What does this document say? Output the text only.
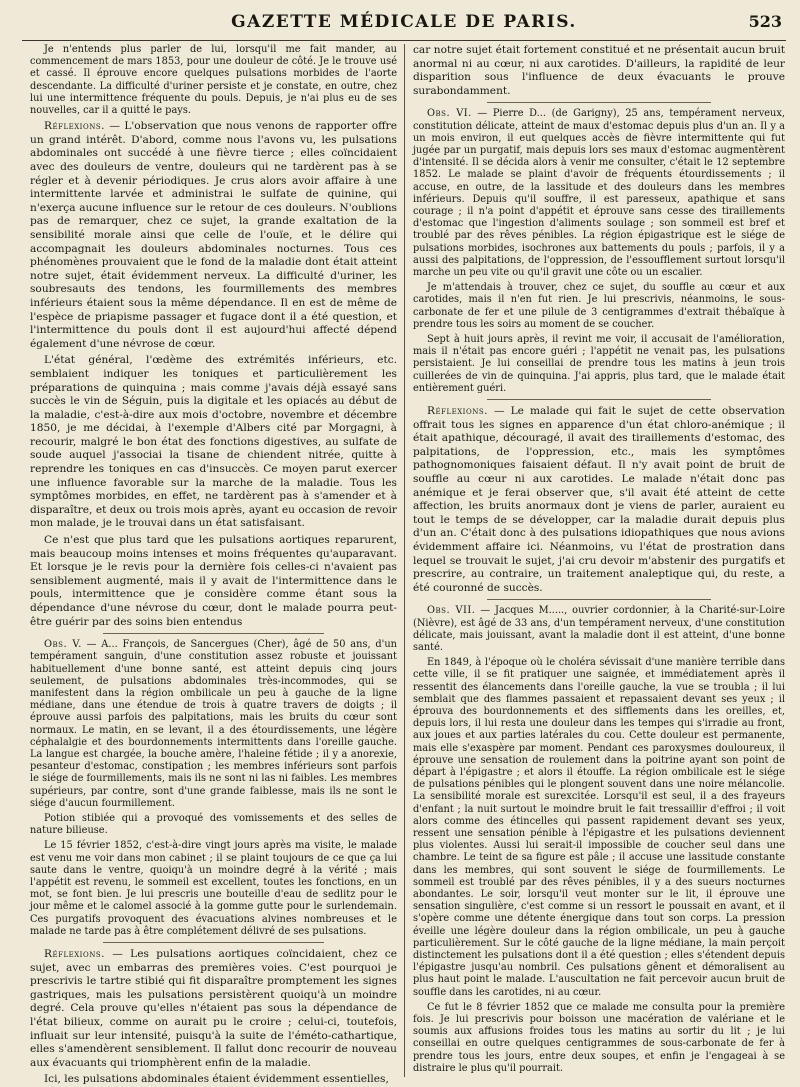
GAZETTE MÉDICALE DE PARIS.	523

Je n'entends plus parler de lui, lorsqu'il me fait mander, au commencement de mars 1853, pour une douleur de côté. Je le trouve usé et cassé. Il éprouve encore quelques pulsations morbides de l'aorte descendante. La difficulté d'uriner persiste et je constate, en outre, chez lui une intermittence fréquente du pouls. Depuis, je n'ai plus eu de ses nouvelles, car il a quitté le pays.

Réflexions. — L'observation que nous venons de rapporter offre un grand intérêt. D'abord, comme nous l'avons vu, les pulsations abdominales ont succédé à une fièvre tierce ; elles coïncidaient avec des douleurs de ventre, douleurs qui ne tardèrent pas à se régler et à devenir périodiques. Je crus alors avoir affaire à une intermittente larvée et administrai le sulfate de quinine, qui n'exerça aucune influence sur le retour de ces douleurs. N'oublions pas de remarquer, chez ce sujet, la grande exaltation de la sensibilité morale ainsi que celle de l'ouïe, et le délire qui accompagnait les douleurs abdominales nocturnes. Tous ces phénomènes prouvaient que le fond de la maladie dont était atteint notre sujet, était évidemment nerveux. La difficulté d'uriner, les soubresauts des tendons, les fourmillements des membres inférieurs étaient sous la même dépendance. Il en est de même de l'espèce de priapisme passager et fugace dont il a été question, et l'intermittence du pouls dont il est aujourd'hui affecté dépend également d'une névrose de cœur.

L'état général, l'œdème des extrémités inférieurs, etc. semblaient indiquer les toniques et particulièrement les préparations de quinquina ; mais comme j'avais déjà essayé sans succès le vin de Séguin, puis la digitale et les opiacés au début de la maladie, c'est-à-dire aux mois d'octobre, novembre et décembre 1850, je me décidai, à l'exemple d'Albers cité par Morgagni, à recourir, malgré le bon état des fonctions digestives, au sulfate de soude auquel j'associai la tisane de chiendent nitrée, quitte à reprendre les toniques en cas d'insuccès. Ce moyen parut exercer une influence favorable sur la marche de la maladie. Tous les symptômes morbides, en effet, ne tardèrent pas à s'amender et à disparaître, et deux ou trois mois après, ayant eu occasion de revoir mon malade, je le trouvai dans un état satisfaisant.

Ce n'est que plus tard que les pulsations aortiques reparurent, mais beaucoup moins intenses et moins fréquentes qu'auparavant. Et lorsque je le revis pour la dernière fois celles-ci n'avaient pas sensiblement augmenté, mais il y avait de l'intermittence dans le pouls, intermittence que je considère comme étant sous la dépendance d'une névrose du cœur, dont le malade pourra peut-être guérir par des soins bien entendus

Obs. V. — A... François, de Sancergues (Cher), âgé de 50 ans, d'un tempérament sanguin, d'une constitution assez robuste et jouissant habituellement d'une bonne santé, est atteint depuis cinq jours seulement, de pulsations abdominales très-incommodes, qui se manifestent dans la région ombilicale un peu à gauche de la ligne médiane, dans une étendue de trois à quatre travers de doigts ; il éprouve aussi parfois des palpitations, mais les bruits du cœur sont normaux. Le matin, en se levant, il a des étourdissements, une légère céphalalgie et des bourdonnements intermittents dans l'oreille gauche. La langue est chargée, la bouche amère, l'haleine fétide ; il y a anorexie, pesanteur d'estomac, constipation ; les membres inférieurs sont parfois le siége de fourmillements, mais ils ne sont ni las ni faibles. Les membres supérieurs, par contre, sont d'une grande faiblesse, mais ils ne sont le siége d'aucun fourmillement.

Potion stibiée qui a provoqué des vomissements et des selles de nature bilieuse.

Le 15 février 1852, c'est-à-dire vingt jours après ma visite, le malade est venu me voir dans mon cabinet ; il se plaint toujours de ce que ça lui saute dans le ventre, quoiqu'à un moindre degré à la vérité ; mais l'appétit est revenu, le sommeil est excellent, toutes les fonctions, en un mot, se font bien. Je lui prescris une bouteille d'eau de sedlitz pour le jour même et le calomel associé à la gomme gutte pour le surlendemain. Ces purgatifs provoquent des évacuations alvines nombreuses et le malade ne tarde pas à être complétement délivré de ses pulsations.

Réflexions. — Les pulsations aortiques coïncidaient, chez ce sujet, avec un embarras des premières voies. C'est pourquoi je prescrivis le tartre stibié qui fit disparaître promptement les signes gastriques, mais les pulsations persistèrent quoiqu'à un moindre degré. Cela prouve qu'elles n'étaient pas sous la dépendance de l'état bilieux, comme on aurait pu le croire ; celui-ci, toutefois, influait sur leur intensité, puisqu'à la suite de l'éméto-cathartique, elles s'amendèrent sensiblement. Il fallut donc recourir de nouveau aux évacuants qui triomphèrent enfin de la maladie.

Ici, les pulsations abdominales étaient évidemment essentielles,

car notre sujet était fortement constitué et ne présentait aucun bruit anormal ni au cœur, ni aux carotides. D'ailleurs, la rapidité de leur disparition sous l'influence de deux évacuants le prouve surabondamment.

Obs. VI. — Pierre D... (de Garigny), 25 ans, tempérament nerveux, constitution délicate, atteint de maux d'estomac depuis plus d'un an. Il y a un mois environ, il eut quelques accès de fièvre intermittente qui fut jugée par un purgatif, mais depuis lors ses maux d'estomac augmentèrent d'intensité. Il se décida alors à venir me consulter, c'était le 12 septembre 1852. Le malade se plaint d'avoir de fréquents étourdissements ; il accuse, en outre, de la lassitude et des douleurs dans les membres inférieurs. Depuis qu'il souffre, il est paresseux, apathique et sans courage ; il n'a point d'appétit et éprouve sans cesse des tiraillements d'estomac que l'ingestion d'aliments soulage ; son sommeil est bref et troublé par des rêves pénibles. La région épigastrique est le siége de pulsations morbides, isochrones aux battements du pouls ; parfois, il y a aussi des palpitations, de l'oppression, de l'essoufflement surtout lorsqu'il marche un peu vite ou qu'il gravit une côte ou un escalier.

Je m'attendais à trouver, chez ce sujet, du souffle au cœur et aux carotides, mais il n'en fut rien. Je lui prescrivis, néanmoins, le sous-carbonate de fer et une pilule de 3 centigrammes d'extrait thébaïque à prendre tous les soirs au moment de se coucher.

Sept à huit jours après, il revint me voir, il accusait de l'amélioration, mais il n'était pas encore guéri ; l'appétit ne venait pas, les pulsations persistaient. Je lui conseillai de prendre tous les matins à jeun trois cuillerées de vin de quinquina. J'ai appris, plus tard, que le malade était entièrement guéri.

Réflexions. — Le malade qui fait le sujet de cette observation offrait tous les signes en apparence d'un état chloro-anémique ; il était apathique, découragé, il avait des tiraillements d'estomac, des palpitations, de l'oppression, etc., mais les symptômes pathognomoniques faisaient défaut. Il n'y avait point de bruit de souffle au cœur ni aux carotides. Le malade n'était donc pas anémique et je ferai observer que, s'il avait été atteint de cette affection, les bruits anormaux dont je viens de parler, auraient eu tout le temps de se développer, car la maladie durait depuis plus d'un an. C'était donc à des pulsations idiopathiques que nous avions évidemment affaire ici. Néanmoins, vu l'état de prostration dans lequel se trouvait le sujet, j'ai cru devoir m'abstenir des purgatifs et prescrire, au contraire, un traitement analeptique qui, du reste, a été couronné de succès.

Obs. VII. — Jacques M....., ouvrier cordonnier, à la Charité-sur-Loire (Nièvre), est âgé de 33 ans, d'un tempérament nerveux, d'une constitution délicate, mais jouissant, avant la maladie dont il est atteint, d'une bonne santé.

En 1849, à l'époque où le choléra sévissait d'une manière terrible dans cette ville, il se fit pratiquer une saignée, et immédiatement après il ressentit des élancements dans l'oreille gauche, la vue se troubla ; il lui semblait que des flammes passaient et repassaient devant ses yeux ; il éprouva des bourdonnements et des sifflements dans les oreilles, et, depuis lors, il lui resta une douleur dans les tempes qui s'irradie au front, aux joues et aux parties latérales du cou. Cette douleur est permanente, mais elle s'exaspère par moment. Pendant ces paroxysmes douloureux, il éprouve une sensation de roulement dans la poitrine ayant son point de départ à l'épigastre ; et alors il étouffe. La région ombilicale est le siége de pulsations pénibles qui le plongent souvent dans une noire mélancolie. La sensibilité morale est surexcitée. Lorsqu'il est seul, il a des frayeurs d'enfant ; la nuit surtout le moindre bruit le fait tressaillir d'effroi ; il voit alors comme des étincelles qui passent rapidement devant ses yeux, ressent une sensation pénible à l'épigastre et les pulsations deviennent plus violentes. Aussi lui serait-il impossible de coucher seul dans une chambre. Le teint de sa figure est pâle ; il accuse une lassitude constante dans les membres, qui sont souvent le siége de fourmillements. Le sommeil est troublé par des rêves pénibles, il y a des sueurs nocturnes abondantes. Le soir, lorsqu'il veut monter sur le lit, il éprouve une sensation singulière, c'est comme si un ressort le poussait en avant, et il s'opère comme une détente énergique dans tout son corps. La pression éveille une légère douleur dans la région ombilicale, un peu à gauche particulièrement. Sur le côté gauche de la ligne médiane, la main perçoit distinctement les pulsations dont il a été question ; elles s'étendent depuis l'épigastre jusqu'au nombril. Ces pulsations gênent et démoralisent au plus haut point le malade. L'auscultation ne fait percevoir aucun bruit de souffle dans les carotides, ni au cœur.

Ce fut le 8 février 1852 que ce malade me consulta pour la première fois. Je lui prescrivis pour boisson une macération de valériane et le soumis aux affusions froides tous les matins au sortir du lit ; je lui conseillai en outre quelques centigrammes de sous-carbonate de fer à prendre tous les jours, entre deux soupes, et enfin je l'engageai à se distraire le plus qu'il pourrait.
